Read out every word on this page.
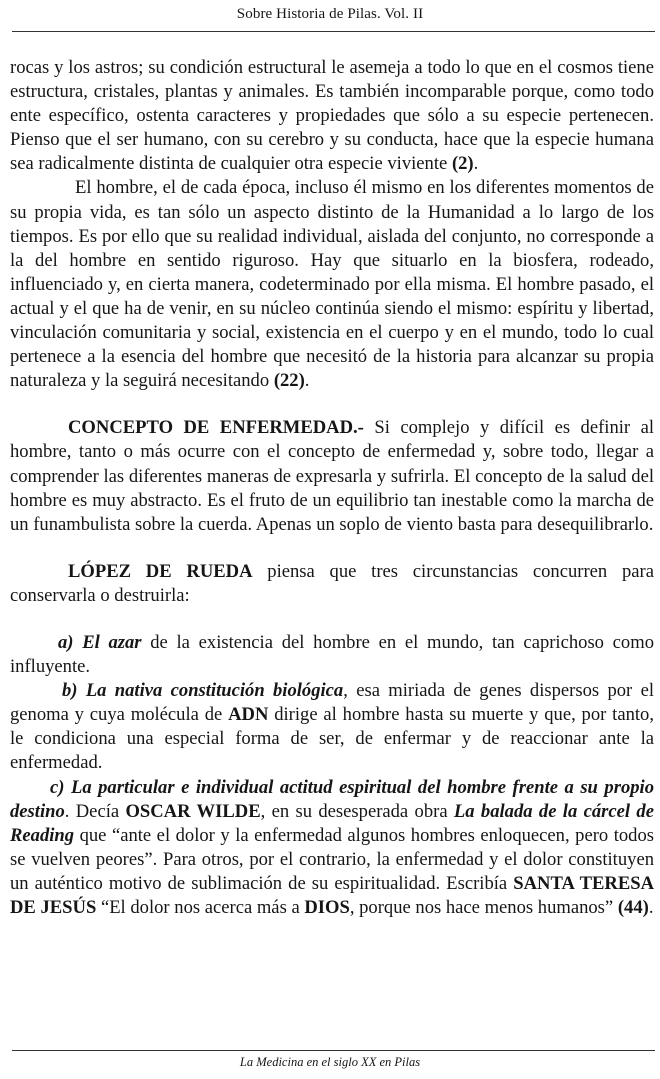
Sobre Historia de Pilas. Vol. II

rocas y los astros; su condición estructural le asemeja a todo lo que en el cosmos tiene estructura, cristales, plantas y animales. Es también incomparable porque, como todo ente específico, ostenta caracteres y propiedades que sólo a su especie pertenecen. Pienso que el ser humano, con su cerebro y su conducta, hace que la especie humana sea radicalmente distinta de cualquier otra especie viviente (2).

El hombre, el de cada época, incluso él mismo en los diferentes momentos de su propia vida, es tan sólo un aspecto distinto de la Humanidad a lo largo de los tiempos. Es por ello que su realidad individual, aislada del conjunto, no corresponde a la del hombre en sentido riguroso. Hay que situarlo en la biosfera, rodeado, influenciado y, en cierta manera, codeterminado por ella misma. El hombre pasado, el actual y el que ha de venir, en su núcleo continúa siendo el mismo: espíritu y libertad, vinculación comunitaria y social, existencia en el cuerpo y en el mundo, todo lo cual pertenece a la esencia del hombre que necesitó de la historia para alcanzar su propia naturaleza y la seguirá necesitando (22).

CONCEPTO DE ENFERMEDAD.- Si complejo y difícil es definir al hombre, tanto o más ocurre con el concepto de enfermedad y, sobre todo, llegar a comprender las diferentes maneras de expresarla y sufrirla. El concepto de la salud del hombre es muy abstracto. Es el fruto de un equilibrio tan inestable como la marcha de un funambulista sobre la cuerda. Apenas un soplo de viento basta para desequilibrarlo.

LÓPEZ DE RUEDA piensa que tres circunstancias concurren para conservarla o destruirla:

a) El azar de la existencia del hombre en el mundo, tan caprichoso como influyente.

b) La nativa constitución biológica, esa miriada de genes dispersos por el genoma y cuya molécula de ADN dirige al hombre hasta su muerte y que, por tanto, le condiciona una especial forma de ser, de enfermar y de reaccionar ante la enfermedad.

c) La particular e individual actitud espiritual del hombre frente a su propio destino. Decía OSCAR WILDE, en su desesperada obra La balada de la cárcel de Reading que “ante el dolor y la enfermedad algunos hombres enloquecen, pero todos se vuelven peores”. Para otros, por el contrario, la enfermedad y el dolor constituyen un auténtico motivo de sublimación de su espiritualidad. Escribía SANTA TERESA DE JESÚS “El dolor nos acerca más a DIOS, porque nos hace menos humanos” (44).

La Medicina en el siglo XX en Pilas
